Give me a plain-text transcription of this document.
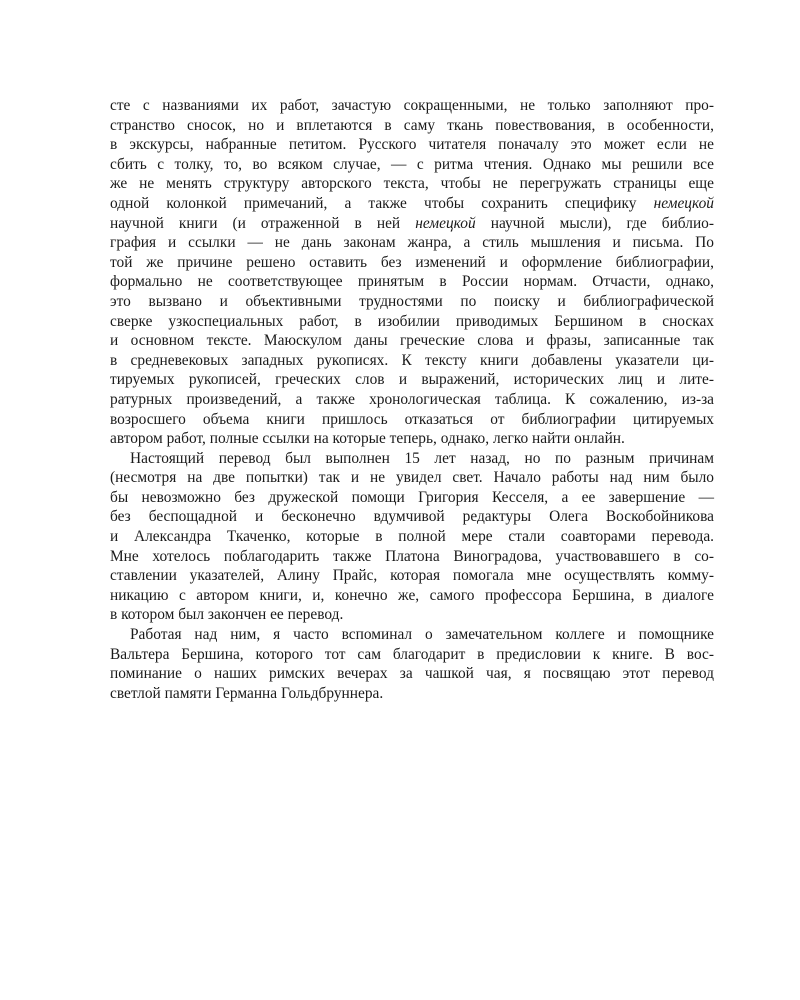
сте с названиями их работ, зачастую сокращенными, не только заполняют про-
странство сносок, но и вплетаются в саму ткань повествования, в особенности,
в экскурсы, набранные петитом. Русского читателя поначалу это может если не
сбить с толку, то, во всяком случае, — с ритма чтения. Однако мы решили все
же не менять структуру авторского текста, чтобы не перегружать страницы еще
одной колонкой примечаний, а также чтобы сохранить специфику немецкой
научной книги (и отраженной в ней немецкой научной мысли), где библио-
графия и ссылки — не дань законам жанра, а стиль мышления и письма. По
той же причине решено оставить без изменений и оформление библиографии,
формально не соответствующее принятым в России нормам. Отчасти, однако,
это вызвано и объективными трудностями по поиску и библиографической
сверке узкоспециальных работ, в изобилии приводимых Бершином в сносках
и основном тексте. Маюскулом даны греческие слова и фразы, записанные так
в средневековых западных рукописях. К тексту книги добавлены указатели ци-
тируемых рукописей, греческих слов и выражений, исторических лиц и лите-
ратурных произведений, а также хронологическая таблица. К сожалению, из-за
возросшего объема книги пришлось отказаться от библиографии цитируемых
автором работ, полные ссылки на которые теперь, однако, легко найти онлайн.
Настоящий перевод был выполнен 15 лет назад, но по разным причинам
(несмотря на две попытки) так и не увидел свет. Начало работы над ним было
бы невозможно без дружеской помощи Григория Кесселя, а ее завершение —
без беспощадной и бесконечно вдумчивой редактуры Олега Воскобойникова
и Александра Ткаченко, которые в полной мере стали соавторами перевода.
Мне хотелось поблагодарить также Платона Виноградова, участвовавшего в со-
ставлении указателей, Алину Прайс, которая помогала мне осуществлять комму-
никацию с автором книги, и, конечно же, самого профессора Бершина, в диалоге
в котором был закончен ее перевод.
Работая над ним, я часто вспоминал о замечательном коллеге и помощнике
Вальтера Бершина, которого тот сам благодарит в предисловии к книге. В вос-
поминание о наших римских вечерах за чашкой чая, я посвящаю этот перевод
светлой памяти Германна Гольдбруннера.
